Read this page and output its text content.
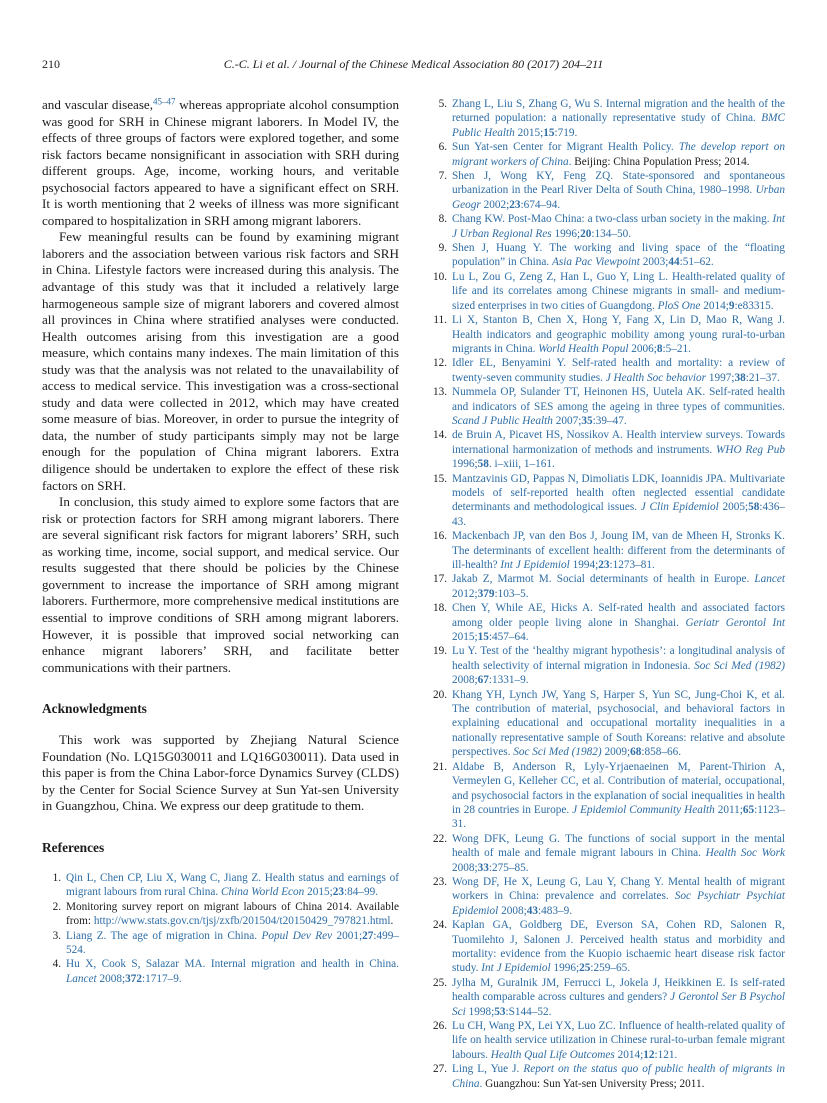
210	C.-C. Li et al. / Journal of the Chinese Medical Association 80 (2017) 204–211

and vascular disease,$^{45-47}$ whereas appropriate alcohol consumption was good for SRH in Chinese migrant laborers. In Model IV, the effects of three groups of factors were explored together, and some risk factors became nonsignificant in association with SRH during different groups. Age, income, working hours, and veritable psychosocial factors appeared to have a significant effect on SRH. It is worth mentioning that 2 weeks of illness was more significant compared to hospitalization in SRH among migrant laborers.

Few meaningful results can be found by examining migrant laborers and the association between various risk factors and SRH in China. Lifestyle factors were increased during this analysis. The advantage of this study was that it included a relatively large harmogeneous sample size of migrant laborers and covered almost all provinces in China where stratified analyses were conducted. Health outcomes arising from this investigation are a good measure, which contains many indexes. The main limitation of this study was that the analysis was not related to the unavailability of access to medical service. This investigation was a cross-sectional study and data were collected in 2012, which may have created some measure of bias. Moreover, in order to pursue the integrity of data, the number of study participants simply may not be large enough for the population of China migrant laborers. Extra diligence should be undertaken to explore the effect of these risk factors on SRH.

In conclusion, this study aimed to explore some factors that are risk or protection factors for SRH among migrant laborers. There are several significant risk factors for migrant laborers’ SRH, such as working time, income, social support, and medical service. Our results suggested that there should be policies by the Chinese government to increase the importance of SRH among migrant laborers. Furthermore, more comprehensive medical institutions are essential to improve conditions of SRH among migrant laborers. However, it is possible that improved social networking can enhance migrant laborers’ SRH, and facilitate better communications with their partners.

Acknowledgments

This work was supported by Zhejiang Natural Science Foundation (No. LQ15G030011 and LQ16G030011). Data used in this paper is from the China Labor-force Dynamics Survey (CLDS) by the Center for Social Science Survey at Sun Yat-sen University in Guangzhou, China. We express our deep gratitude to them.

References
1. Qin L, Chen CP, Liu X, Wang C, Jiang Z. Health status and earnings of migrant labours from rural China. China World Econ 2015;23:84–99.
2. Monitoring survey report on migrant labours of China 2014. Available from: http://www.stats.gov.cn/tjsj/zxfb/201504/t20150429_797821.html.
3. Liang Z. The age of migration in China. Popul Dev Rev 2001;27:499–524.
4. Hu X, Cook S, Salazar MA. Internal migration and health in China. Lancet 2008;372:1717–9.
5. Zhang L, Liu S, Zhang G, Wu S. Internal migration and the health of the returned population: a nationally representative study of China. BMC Public Health 2015;15:719.
6. Sun Yat-sen Center for Migrant Health Policy. The develop report on migrant workers of China. Beijing: China Population Press; 2014.
7. Shen J, Wong KY, Feng ZQ. State-sponsored and spontaneous urbanization in the Pearl River Delta of South China, 1980–1998. Urban Geogr 2002;23:674–94.
8. Chang KW. Post-Mao China: a two-class urban society in the making. Int J Urban Regional Res 1996;20:134–50.
9. Shen J, Huang Y. The working and living space of the “floating population” in China. Asia Pac Viewpoint 2003;44:51–62.
10. Lu L, Zou G, Zeng Z, Han L, Guo Y, Ling L. Health-related quality of life and its correlates among Chinese migrants in small- and medium-sized enterprises in two cities of Guangdong. PloS One 2014;9:e83315.
11. Li X, Stanton B, Chen X, Hong Y, Fang X, Lin D, Mao R, Wang J. Health indicators and geographic mobility among young rural-to-urban migrants in China. World Health Popul 2006;8:5–21.
12. Idler EL, Benyamini Y. Self-rated health and mortality: a review of twenty-seven community studies. J Health Soc behavior 1997;38:21–37.
13. Nummela OP, Sulander TT, Heinonen HS, Uutela AK. Self-rated health and indicators of SES among the ageing in three types of communities. Scand J Public Health 2007;35:39–47.
14. de Bruin A, Picavet HS, Nossikov A. Health interview surveys. Towards international harmonization of methods and instruments. WHO Reg Pub 1996;58. i–xiii, 1–161.
15. Mantzavinis GD, Pappas N, Dimoliatis LDK, Ioannidis JPA. Multivariate models of self-reported health often neglected essential candidate determinants and methodological issues. J Clin Epidemiol 2005;58:436–43.
16. Mackenbach JP, van den Bos J, Joung IM, van de Mheen H, Stronks K. The determinants of excellent health: different from the determinants of ill-health? Int J Epidemiol 1994;23:1273–81.
17. Jakab Z, Marmot M. Social determinants of health in Europe. Lancet 2012;379:103–5.
18. Chen Y, While AE, Hicks A. Self-rated health and associated factors among older people living alone in Shanghai. Geriatr Gerontol Int 2015;15:457–64.
19. Lu Y. Test of the ‘healthy migrant hypothesis’: a longitudinal analysis of health selectivity of internal migration in Indonesia. Soc Sci Med (1982) 2008;67:1331–9.
20. Khang YH, Lynch JW, Yang S, Harper S, Yun SC, Jung-Choi K, et al. The contribution of material, psychosocial, and behavioral factors in explaining educational and occupational mortality inequalities in a nationally representative sample of South Koreans: relative and absolute perspectives. Soc Sci Med (1982) 2009;68:858–66.
21. Aldabe B, Anderson R, Lyly-Yrjaenaeinen M, Parent-Thirion A, Vermeylen G, Kelleher CC, et al. Contribution of material, occupational, and psychosocial factors in the explanation of social inequalities in health in 28 countries in Europe. J Epidemiol Community Health 2011;65:1123–31.
22. Wong DFK, Leung G. The functions of social support in the mental health of male and female migrant labours in China. Health Soc Work 2008;33:275–85.
23. Wong DF, He X, Leung G, Lau Y, Chang Y. Mental health of migrant workers in China: prevalence and correlates. Soc Psychiatr Psychiat Epidemiol 2008;43:483–9.
24. Kaplan GA, Goldberg DE, Everson SA, Cohen RD, Salonen R, Tuomilehto J, Salonen J. Perceived health status and morbidity and mortality: evidence from the Kuopio ischaemic heart disease risk factor study. Int J Epidemiol 1996;25:259–65.
25. Jylha M, Guralnik JM, Ferrucci L, Jokela J, Heikkinen E. Is self-rated health comparable across cultures and genders? J Gerontol Ser B Psychol Sci 1998;53:S144–52.
26. Lu CH, Wang PX, Lei YX, Luo ZC. Influence of health-related quality of life on health service utilization in Chinese rural-to-urban female migrant labours. Health Qual Life Outcomes 2014;12:121.
27. Ling L, Yue J. Report on the status quo of public health of migrants in China. Guangzhou: Sun Yat-sen University Press; 2011.
